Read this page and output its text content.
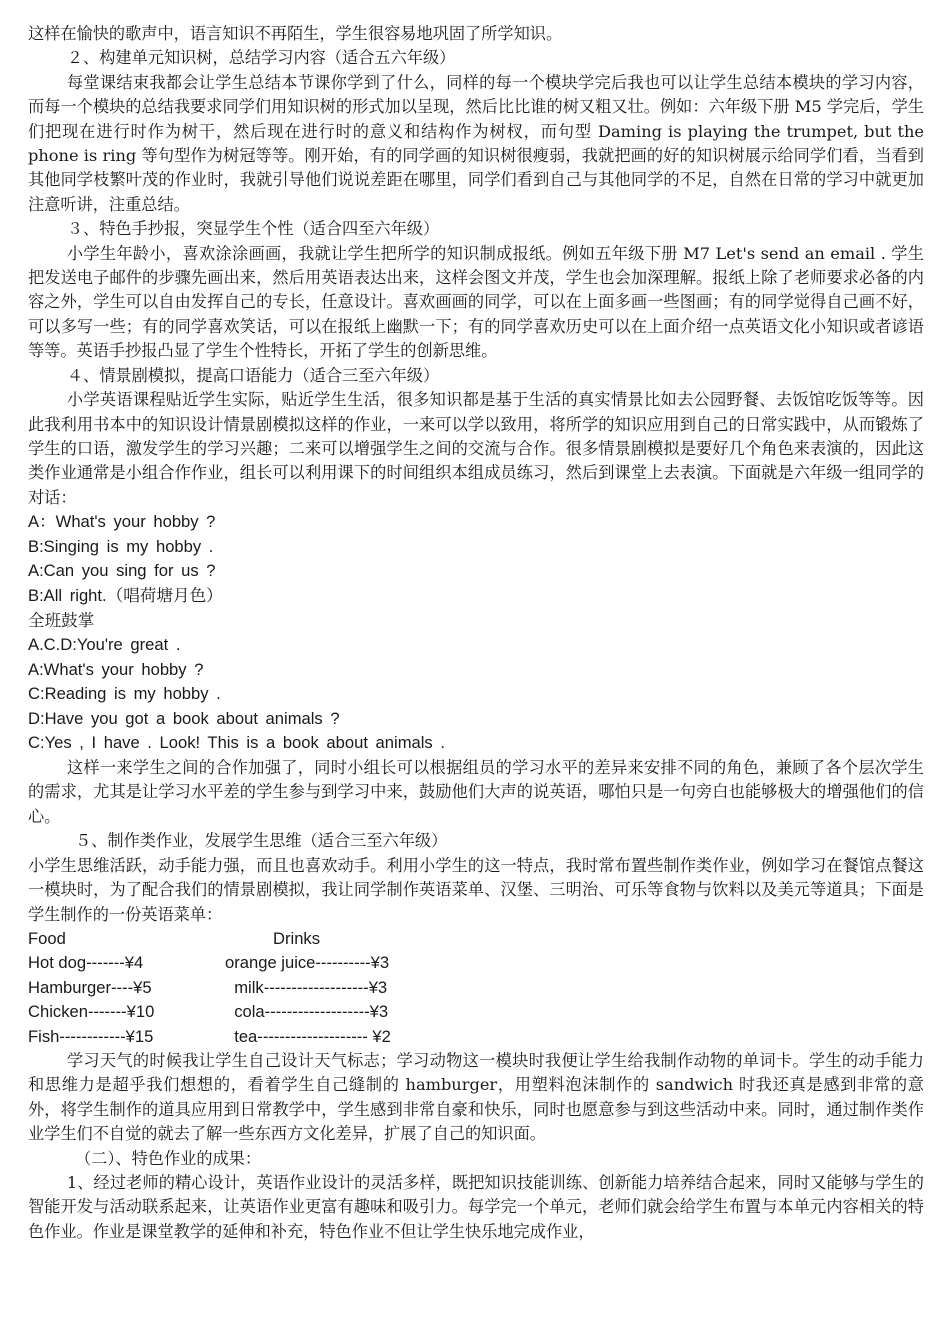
这样在愉快的歌声中，语言知识不再陌生，学生很容易地巩固了所学知识。

２、构建单元知识树，总结学习内容（适合五六年级）

每堂课结束我都会让学生总结本节课你学到了什么，同样的每一个模块学完后我也可以让学生总结本模块的学习内容，而每一个模块的总结我要求同学们用知识树的形式加以呈现，然后比比谁的树又粗又壮。例如：六年级下册 M5 学完后，学生们把现在进行时作为树干，然后现在进行时的意义和结构作为树杈，而句型 Daming is playing the trumpet, but the phone is ring 等句型作为树冠等等。刚开始，有的同学画的知识树很瘦弱，我就把画的好的知识树展示给同学们看，当看到其他同学枝繁叶茂的作业时，我就引导他们说说差距在哪里，同学们看到自己与其他同学的不足，自然在日常的学习中就更加注意听讲，注重总结。

３、特色手抄报，突显学生个性（适合四至六年级）

小学生年龄小，喜欢涂涂画画，我就让学生把所学的知识制成报纸。例如五年级下册 M7 Let's send an email . 学生把发送电子邮件的步骤先画出来，然后用英语表达出来，这样会图文并茂，学生也会加深理解。报纸上除了老师要求必备的内容之外，学生可以自由发挥自己的专长，任意设计。喜欢画画的同学，可以在上面多画一些图画；有的同学觉得自己画不好，可以多写一些；有的同学喜欢笑话，可以在报纸上幽默一下；有的同学喜欢历史可以在上面介绍一点英语文化小知识或者谚语等等。英语手抄报凸显了学生个性特长，开拓了学生的创新思维。

４、情景剧模拟，提高口语能力（适合三至六年级）

小学英语课程贴近学生实际，贴近学生生活，很多知识都是基于生活的真实情景比如去公园野餐、去饭馆吃饭等等。因此我利用书本中的知识设计情景剧模拟这样的作业，一来可以学以致用，将所学的知识应用到自己的日常实践中，从而锻炼了学生的口语，激发学生的学习兴趣；二来可以增强学生之间的交流与合作。很多情景剧模拟是要好几个角色来表演的，因此这类作业通常是小组合作作业，组长可以利用课下的时间组织本组成员练习，然后到课堂上去表演。下面就是六年级一组同学的对话：

A：What's your hobby ?

B:Singing is my hobby .

A:Can you sing for us ?

B:All right.（唱荷塘月色）

全班鼓掌

A.C.D:You're great .

A:What's your hobby ?

C:Reading is my hobby .

D:Have you got a book about animals ?

C:Yes , I have . Look! This is a book about animals .

这样一来学生之间的合作加强了，同时小组长可以根据组员的学习水平的差异来安排不同的角色，兼顾了各个层次学生的需求，尤其是让学习水平差的学生参与到学习中来，鼓励他们大声的说英语，哪怕只是一句旁白也能够极大的增强他们的信心。

５、制作类作业，发展学生思维（适合三至六年级）

小学生思维活跃，动手能力强，而且也喜欢动手。利用小学生的这一特点，我时常布置些制作类作业，例如学习在餐馆点餐这一模块时，为了配合我们的情景剧模拟，我让同学制作英语菜单、汉堡、三明治、可乐等食物与饮料以及美元等道具；下面是学生制作的一份英语菜单：

Food	Drinks
Hot dog-------¥4	orange juice----------¥3
Hamburger----¥5	milk-------------------¥3
Chicken-------¥10	cola-------------------¥3
Fish------------¥15	tea-------------------- ¥2

学习天气的时候我让学生自己设计天气标志；学习动物这一模块时我便让学生给我制作动物的单词卡。学生的动手能力和思维力是超乎我们想想的，看着学生自己缝制的 hamburger，用塑料泡沫制作的 sandwich 时我还真是感到非常的意外，将学生制作的道具应用到日常教学中，学生感到非常自豪和快乐，同时也愿意参与到这些活动中来。同时，通过制作类作业学生们不自觉的就去了解一些东西方文化差异，扩展了自己的知识面。

（二）、特色作业的成果：

1、经过老师的精心设计，英语作业设计的灵活多样，既把知识技能训练、创新能力培养结合起来，同时又能够与学生的智能开发与活动联系起来，让英语作业更富有趣味和吸引力。每学完一个单元，老师们就会给学生布置与本单元内容相关的特色作业。作业是课堂教学的延伸和补充，特色作业不但让学生快乐地完成作业，
